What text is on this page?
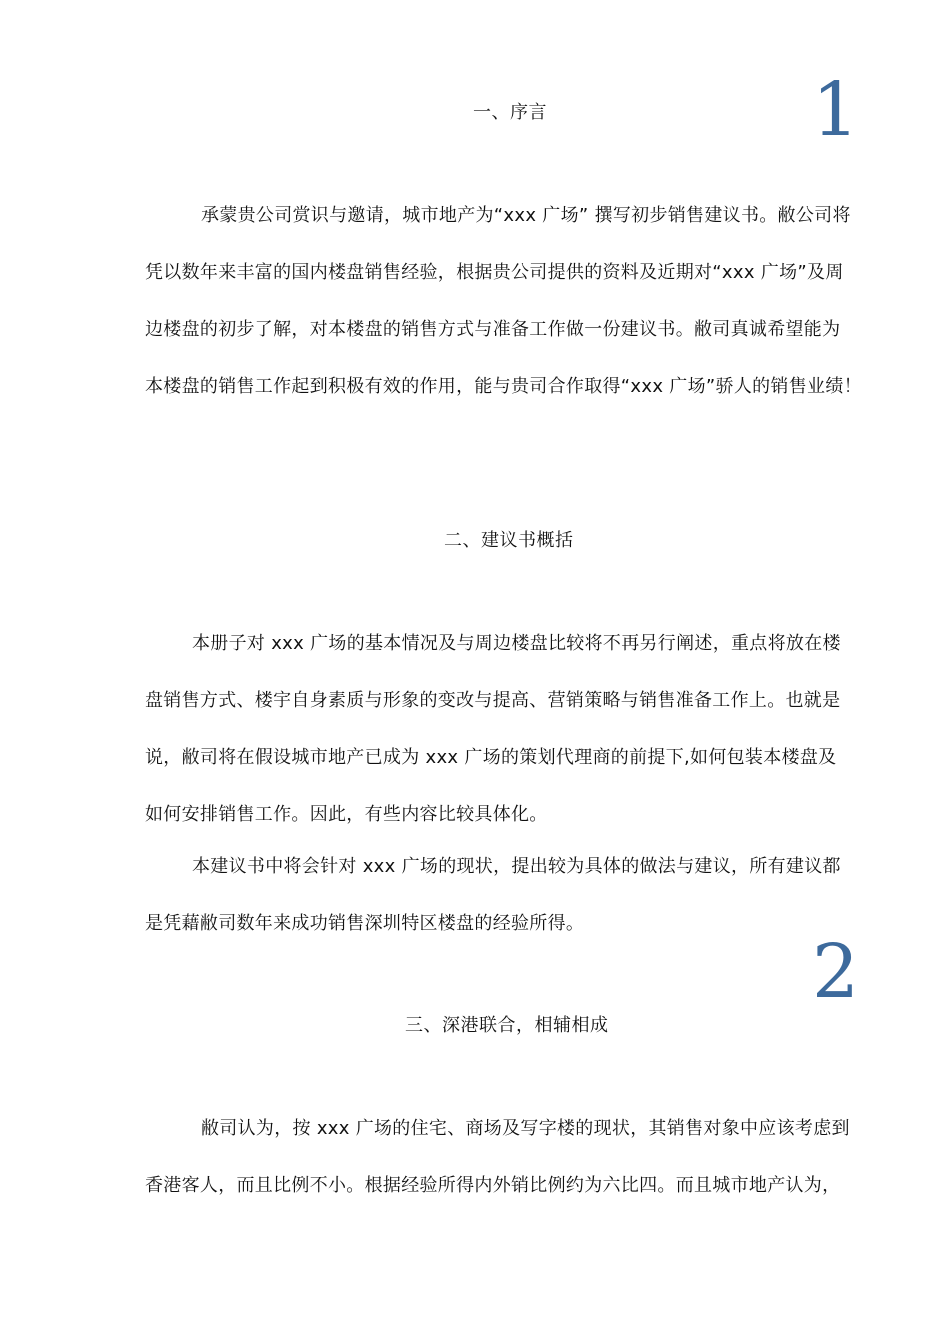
1
一、序言
承蒙贵公司赏识与邀请，城市地产为“xxx 广场” 撰写初步销售建议书。敝公司将
凭以数年来丰富的国内楼盘销售经验，根据贵公司提供的资料及近期对“xxx 广场”及周
边楼盘的初步了解，对本楼盘的销售方式与准备工作做一份建议书。敝司真诚希望能为
本楼盘的销售工作起到积极有效的作用，能与贵司合作取得“xxx 广场”骄人的销售业绩！
二、建议书概括
本册子对 xxx 广场的基本情况及与周边楼盘比较将不再另行阐述，重点将放在楼
盘销售方式、楼宇自身素质与形象的变改与提高、营销策略与销售准备工作上。也就是
说，敝司将在假设城市地产已成为 xxx 广场的策划代理商的前提下,如何包装本楼盘及
如何安排销售工作。因此，有些内容比较具体化。
本建议书中将会针对 xxx 广场的现状，提出较为具体的做法与建议，所有建议都
是凭藉敝司数年来成功销售深圳特区楼盘的经验所得。
2
三、深港联合，相辅相成
敝司认为，按 xxx 广场的住宅、商场及写字楼的现状，其销售对象中应该考虑到
香港客人，而且比例不小。根据经验所得内外销比例约为六比四。而且城市地产认为，
